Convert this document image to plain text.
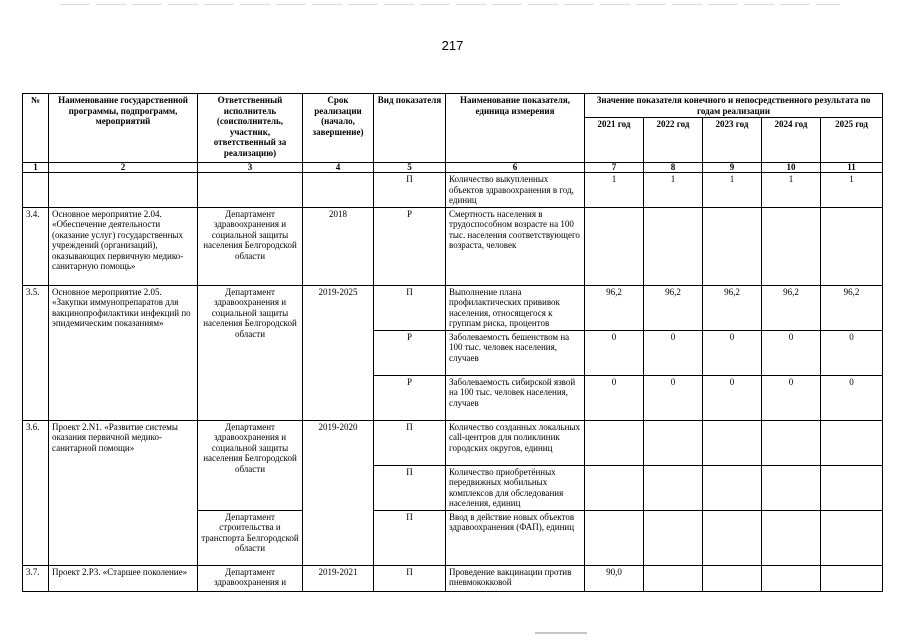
217
№	Наименование государственной программы, подпрограмм, мероприятий	Ответственный исполнитель (соисполнитель, участник, ответственный за реализацию)	Срок реализации (начало, завершение)	Вид показателя	Наименование показателя, единица измерения	Значение показателя конечного и непосредственного результата по годам реализации				
						2021 год	2022 год	2023 год	2024 год	2025 год
1	2	3	4	5	6	7	8	9	10	11
				П	Количество выкупленных объектов здравоохранения в год, единиц	1	1	1	1	1
3.4.	Основное мероприятие 2.04. «Обеспечение деятельности (оказание услуг) государственных учреждений (организаций), оказывающих первичную медико-санитарную помощь»	Департамент здравоохранения и социальной защиты населения Белгородской области	2018	Р	Смертность населения в трудоспособном возрасте на 100 тыс. населения соответствующего возраста, человек					
3.5.	Основное мероприятие 2.05. «Закупки иммунопрепаратов для вакцинопрофилактики инфекций по эпидемическим показаниям»	Департамент здравоохранения и социальной защиты населения Белгородской области	2019-2025	П	Выполнение плана профилактических прививок населения, относящегося к группам риска, процентов	96,2	96,2	96,2	96,2	96,2
				Р	Заболеваемость бешенством на 100 тыс. человек населения, случаев	0	0	0	0	0
				Р	Заболеваемость сибирской язвой на 100 тыс. человек населения, случаев	0	0	0	0	0
3.6.	Проект 2.N1. «Развитие системы оказания первичной медико-санитарной помощи»	Департамент здравоохранения и социальной защиты населения Белгородской области	2019-2020	П	Количество созданных локальных call-центров для поликлиник городских округов, единиц					
				П	Количество приобретённых передвижных мобильных комплексов для обследования населения, единиц					
		Департамент строительства и транспорта Белгородской области		П	Ввод в действие новых объектов здравоохранения (ФАП), единиц					
3.7.	Проект 2.P3. «Старшее поколение»	Департамент здравоохранения и	2019-2021	П	Проведение вакцинации против пневмококковой	90,0				
